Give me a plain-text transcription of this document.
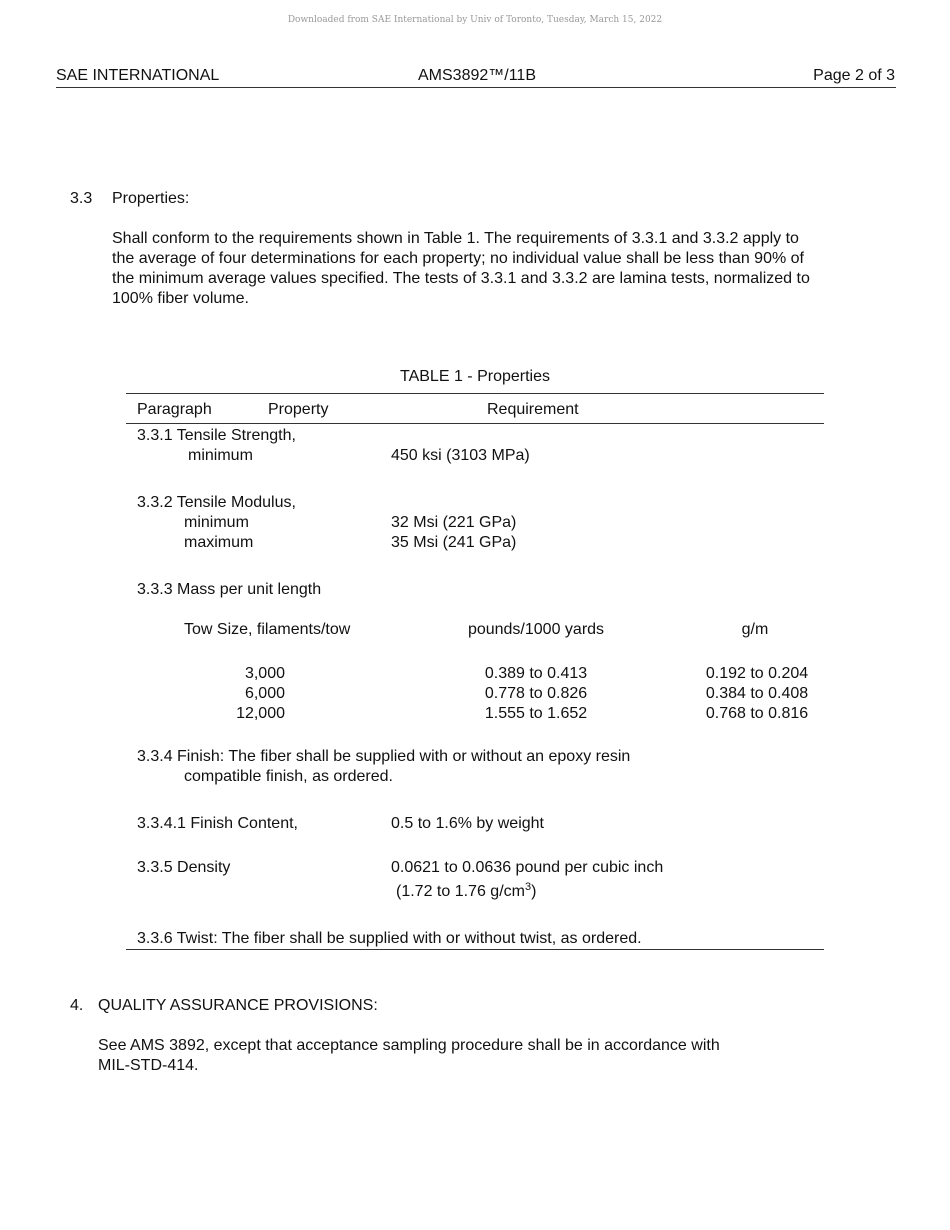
Downloaded from SAE International by Univ of Toronto, Tuesday, March 15, 2022
SAE INTERNATIONAL	AMS3892™/11B	Page 2 of 3
3.3 Properties:
Shall conform to the requirements shown in Table 1. The requirements of 3.3.1 and 3.3.2 apply to
the average of four determinations for each property; no individual value shall be less than 90% of
the minimum average values specified. The tests of 3.3.1 and 3.3.2 are lamina tests, normalized to
100% fiber volume.
TABLE 1 - Properties
Paragraph	Property	Requirement
3.3.1 Tensile Strength,
minimum	450 ksi (3103 MPa)
3.3.2 Tensile Modulus,
minimum	32 Msi (221 GPa)
maximum	35 Msi (241 GPa)
3.3.3 Mass per unit length
Tow Size, filaments/tow	pounds/1000 yards	g/m
3,000	0.389 to 0.413	0.192 to 0.204
6,000	0.778 to 0.826	0.384 to 0.408
12,000	1.555 to 1.652	0.768 to 0.816
3.3.4 Finish: The fiber shall be supplied with or without an epoxy resin
compatible finish, as ordered.
3.3.4.1 Finish Content,	0.5 to 1.6% by weight
3.3.5 Density	0.0621 to 0.0636 pound per cubic inch
(1.72 to 1.76 $g/cm^3$)
3.3.6 Twist: The fiber shall be supplied with or without twist, as ordered.
4. QUALITY ASSURANCE PROVISIONS:
See AMS 3892, except that acceptance sampling procedure shall be in accordance with
MIL-STD-414.
